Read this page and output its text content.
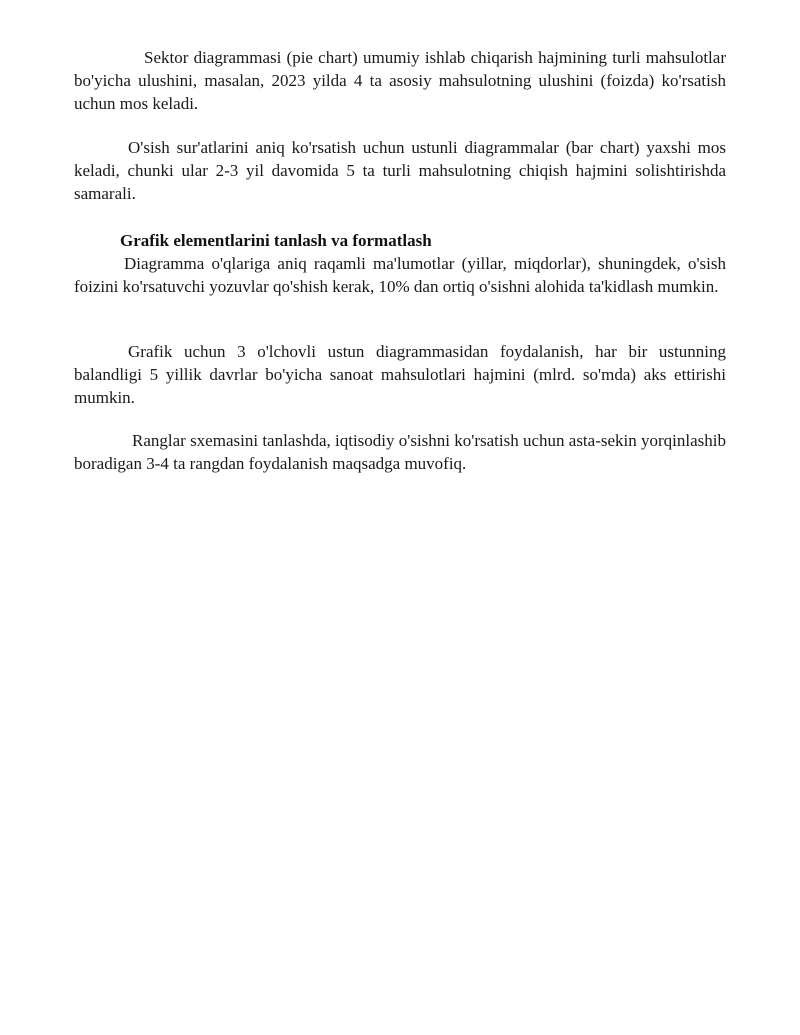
Sektor diagrammasi (pie chart) umumiy ishlab chiqarish hajmining turli mahsulotlar bo'yicha ulushini, masalan, 2023 yilda 4 ta asosiy mahsulotning ulushini (foizda) ko'rsatish uchun mos keladi.

O'sish sur'atlarini aniq ko'rsatish uchun ustunli diagrammalar (bar chart) yaxshi mos keladi, chunki ular 2-3 yil davomida 5 ta turli mahsulotning chiqish hajmini solishtirishda samarali.

Grafik elementlarini tanlash va formatlash

Diagramma o'qlariga aniq raqamli ma'lumotlar (yillar, miqdorlar), shuningdek, o'sish foizini ko'rsatuvchi yozuvlar qo'shish kerak, 10% dan ortiq o'sishni alohida ta'kidlash mumkin.

Grafik uchun 3 o'lchovli ustun diagrammasidan foydalanish, har bir ustunning balandligi 5 yillik davrlar bo'yicha sanoat mahsulotlari hajmini (mlrd. so'mda) aks ettirishi mumkin.

Ranglar sxemasini tanlashda, iqtisodiy o'sishni ko'rsatish uchun asta-sekin yorqinlashib boradigan 3-4 ta rangdan foydalanish maqsadga muvofiq.
